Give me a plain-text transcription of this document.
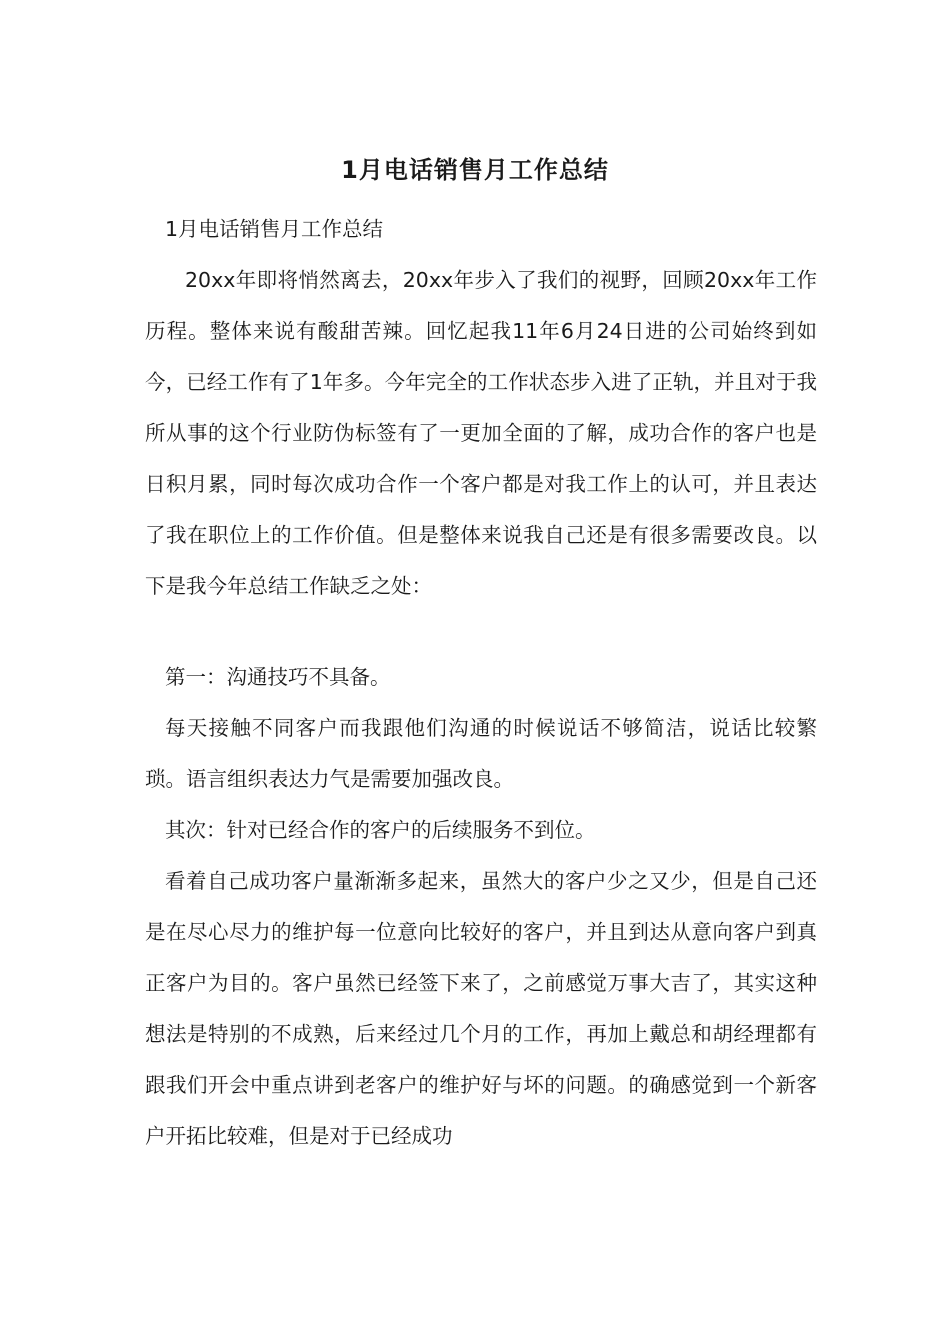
1月电话销售月工作总结

1月电话销售月工作总结

20xx年即将悄然离去，20xx年步入了我们的视野，回顾20xx年工作历程。整体来说有酸甜苦辣。回忆起我11年6月24日进的公司始终到如今，已经工作有了1年多。今年完全的工作状态步入进了正轨，并且对于我所从事的这个行业防伪标签有了一更加全面的了解，成功合作的客户也是日积月累，同时每次成功合作一个客户都是对我工作上的认可，并且表达了我在职位上的工作价值。但是整体来说我自己还是有很多需要改良。以下是我今年总结工作缺乏之处：

第一：沟通技巧不具备。

每天接触不同客户而我跟他们沟通的时候说话不够简洁，说话比较繁琐。语言组织表达力气是需要加强改良。

其次：针对已经合作的客户的后续服务不到位。

看着自己成功客户量渐渐多起来，虽然大的客户少之又少，但是自己还是在尽心尽力的维护每一位意向比较好的客户，并且到达从意向客户到真正客户为目的。客户虽然已经签下来了，之前感觉万事大吉了，其实这种想法是特别的不成熟，后来经过几个月的工作，再加上戴总和胡经理都有跟我们开会中重点讲到老客户的维护好与坏的问题。的确感觉到一个新客户开拓比较难，但是对于已经成功
